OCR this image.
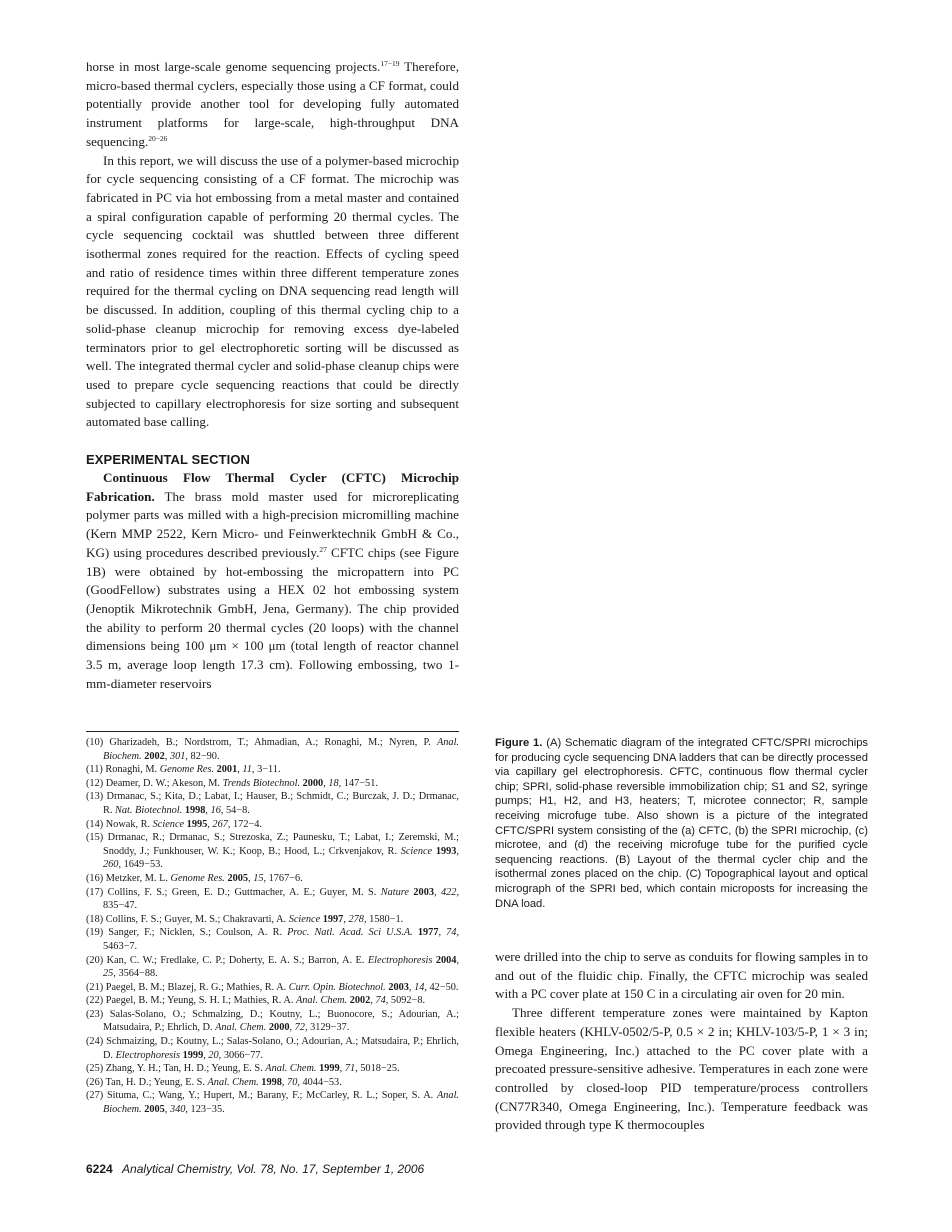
horse in most large-scale genome sequencing projects.$^{17-19}$ Therefore, micro-based thermal cyclers, especially those using a CF format, could potentially provide another tool for developing fully automated instrument platforms for large-scale, high-throughput DNA sequencing.$^{20-26}$

In this report, we will discuss the use of a polymer-based microchip for cycle sequencing consisting of a CF format. The microchip was fabricated in PC via hot embossing from a metal master and contained a spiral configuration capable of performing 20 thermal cycles. The cycle sequencing cocktail was shuttled between three different isothermal zones required for the reaction. Effects of cycling speed and ratio of residence times within three different temperature zones required for the thermal cycling on DNA sequencing read length will be discussed. In addition, coupling of this thermal cycling chip to a solid-phase cleanup microchip for removing excess dye-labeled terminators prior to gel electrophoretic sorting will be discussed as well. The integrated thermal cycler and solid-phase cleanup chips were used to prepare cycle sequencing reactions that could be directly subjected to capillary electrophoresis for size sorting and subsequent automated base calling.

EXPERIMENTAL SECTION

Continuous Flow Thermal Cycler (CFTC) Microchip Fabrication. The brass mold master used for microreplicating polymer parts was milled with a high-precision micromilling machine (Kern MMP 2522, Kern Micro- und Feinwerktechnik GmbH & Co., KG) using procedures described previously.$^{27}$ CFTC chips (see Figure 1B) were obtained by hot-embossing the micropattern into PC (GoodFellow) substrates using a HEX 02 hot embossing system (Jenoptik Mikrotechnik GmbH, Jena, Germany). The chip provided the ability to perform 20 thermal cycles (20 loops) with the channel dimensions being 100 μm × 100 μm (total length of reactor channel 3.5 m, average loop length 17.3 cm). Following embossing, two 1-mm-diameter reservoirs

(10) Gharizadeh, B.; Nordstrom, T.; Ahmadian, A.; Ronaghi, M.; Nyren, P. Anal. Biochem. 2002, 301, 82−90.

(11) Ronaghi, M. Genome Res. 2001, 11, 3−11.

(12) Deamer, D. W.; Akeson, M. Trends Biotechnol. 2000, 18, 147−51.

(13) Drmanac, S.; Kita, D.; Labat, I.; Hauser, B.; Schmidt, C.; Burczak, J. D.; Drmanac, R. Nat. Biotechnol. 1998, 16, 54−8.

(14) Nowak, R. Science 1995, 267, 172−4.

(15) Drmanac, R.; Drmanac, S.; Strezoska, Z.; Paunesku, T.; Labat, I.; Zeremski, M.; Snoddy, J.; Funkhouser, W. K.; Koop, B.; Hood, L.; Crkvenjakov, R. Science 1993, 260, 1649−53.

(16) Metzker, M. L. Genome Res. 2005, 15, 1767−6.

(17) Collins, F. S.; Green, E. D.; Guttmacher, A. E.; Guyer, M. S. Nature 2003, 422, 835−47.

(18) Collins, F. S.; Guyer, M. S.; Chakravarti, A. Science 1997, 278, 1580−1.

(19) Sanger, F.; Nicklen, S.; Coulson, A. R. Proc. Natl. Acad. Sci U.S.A. 1977, 74, 5463−7.

(20) Kan, C. W.; Fredlake, C. P.; Doherty, E. A. S.; Barron, A. E. Electrophoresis 2004, 25, 3564−88.

(21) Paegel, B. M.; Blazej, R. G.; Mathies, R. A. Curr. Opin. Biotechnol. 2003, 14, 42−50.

(22) Paegel, B. M.; Yeung, S. H. I.; Mathies, R. A. Anal. Chem. 2002, 74, 5092−8.

(23) Salas-Solano, O.; Schmalzing, D.; Koutny, L.; Buonocore, S.; Adourian, A.; Matsudaira, P.; Ehrlich, D. Anal. Chem. 2000, 72, 3129−37.

(24) Schmaizing, D.; Koutny, L.; Salas-Solano, O.; Adourian, A.; Matsudaira, P.; Ehrlich, D. Electrophoresis 1999, 20, 3066−77.

(25) Zhang, Y. H.; Tan, H. D.; Yeung, E. S. Anal. Chem. 1999, 71, 5018−25.

(26) Tan, H. D.; Yeung, E. S. Anal. Chem. 1998, 70, 4044−53.

(27) Situma, C.; Wang, Y.; Hupert, M.; Barany, F.; McCarley, R. L.; Soper, S. A. Anal. Biochem. 2005, 340, 123−35.

Figure 1. (A) Schematic diagram of the integrated CFTC/SPRI microchips for producing cycle sequencing DNA ladders that can be directly processed via capillary gel electrophoresis. CFTC, continuous flow thermal cycler chip; SPRI, solid-phase reversible immobilization chip; S1 and S2, syringe pumps; H1, H2, and H3, heaters; T, microtee connector; R, sample receiving microfuge tube. Also shown is a picture of the integrated CFTC/SPRI system consisting of the (a) CFTC, (b) the SPRI microchip, (c) microtee, and (d) the receiving microfuge tube for the purified cycle sequencing reactions. (B) Layout of the thermal cycler chip and the isothermal zones placed on the chip. (C) Topographical layout and optical micrograph of the SPRI bed, which contain microposts for increasing the DNA load.

were drilled into the chip to serve as conduits for flowing samples in to and out of the fluidic chip. Finally, the CFTC microchip was sealed with a PC cover plate at 150 C in a circulating air oven for 20 min.

Three different temperature zones were maintained by Kapton flexible heaters (KHLV-0502/5-P, 0.5 × 2 in; KHLV-103/5-P, 1 × 3 in; Omega Engineering, Inc.) attached to the PC cover plate with a precoated pressure-sensitive adhesive. Temperatures in each zone were controlled by closed-loop PID temperature/process controllers (CN77R340, Omega Engineering, Inc.). Temperature feedback was provided through type K thermocouples

6224 Analytical Chemistry, Vol. 78, No. 17, September 1, 2006
